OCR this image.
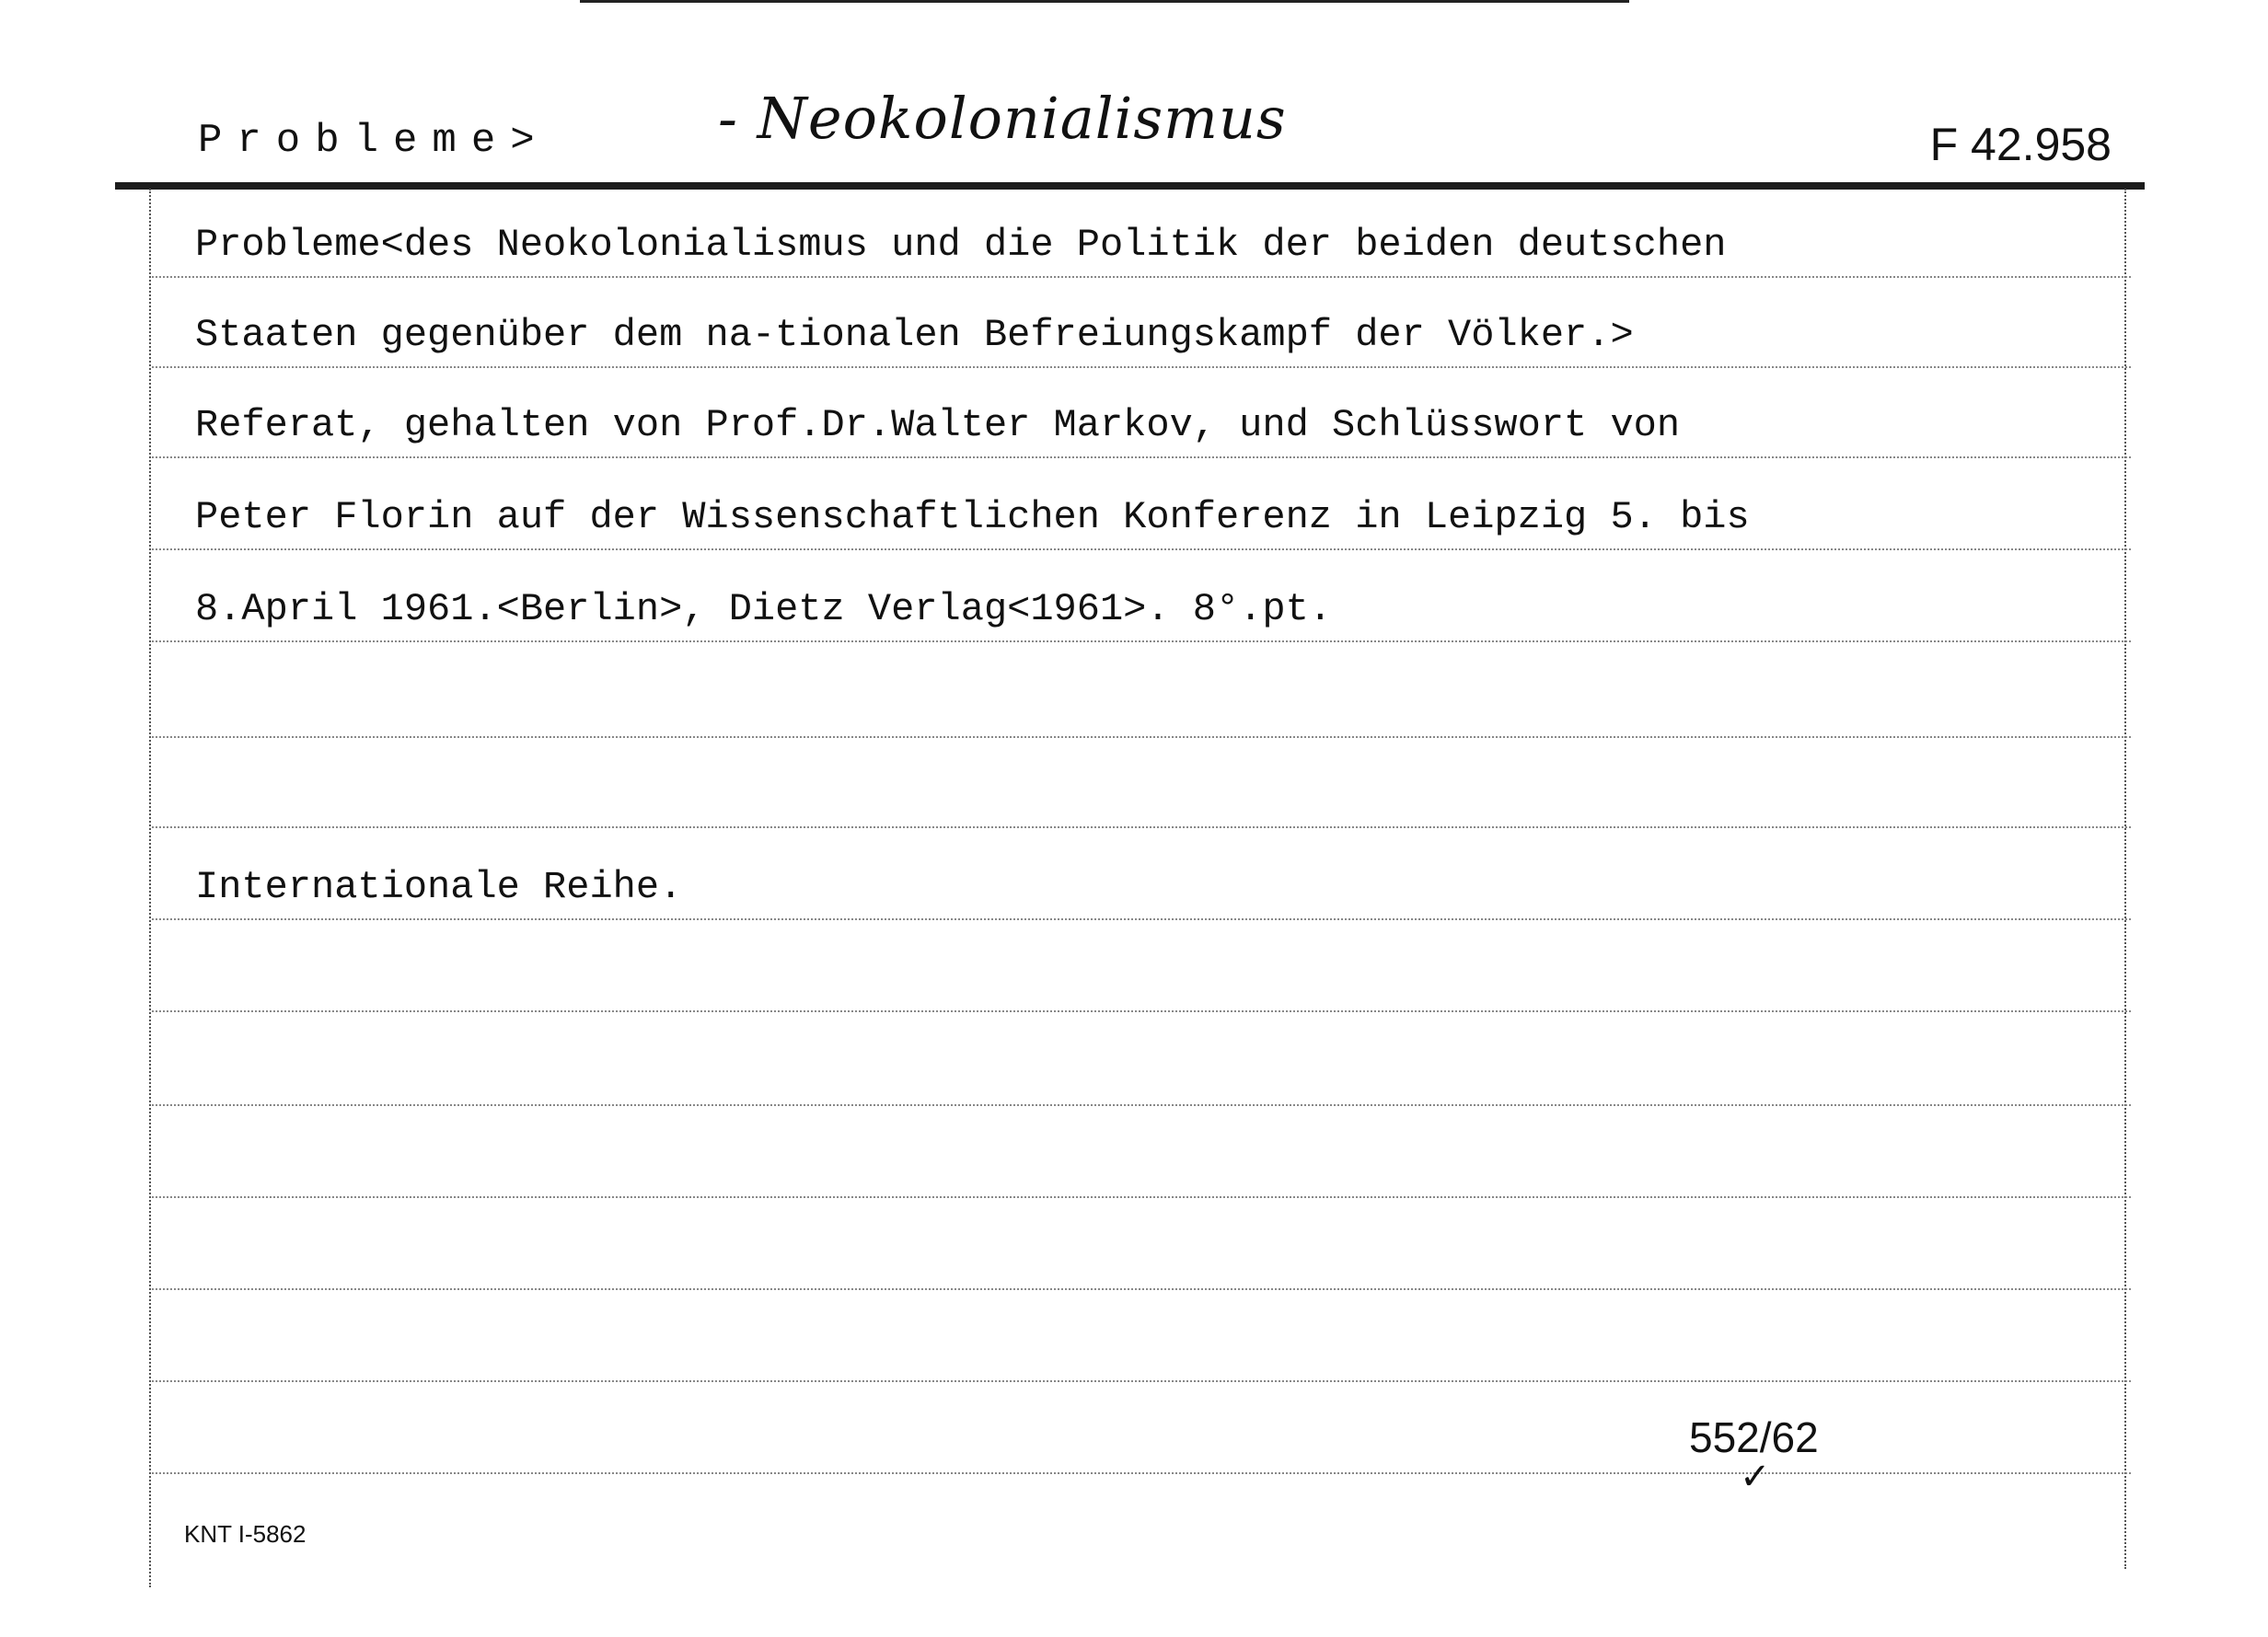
Probleme>	- Neokolonialismus	F 42.958
Probleme<des Neokolonialismus und die Politik der beiden deutschen
Staaten gegenüber dem na-tionalen Befreiungskampf der Völker.>
Referat, gehalten von Prof.Dr.Walter Markov, und Schlüsswort von
Peter Florin auf der Wissenschaftlichen Konferenz in Leipzig 5. bis
8.April 1961.<Berlin>, Dietz Verlag<1961>. 8°.pt.
Internationale Reihe.
552/62
✓
KNT I-5862
